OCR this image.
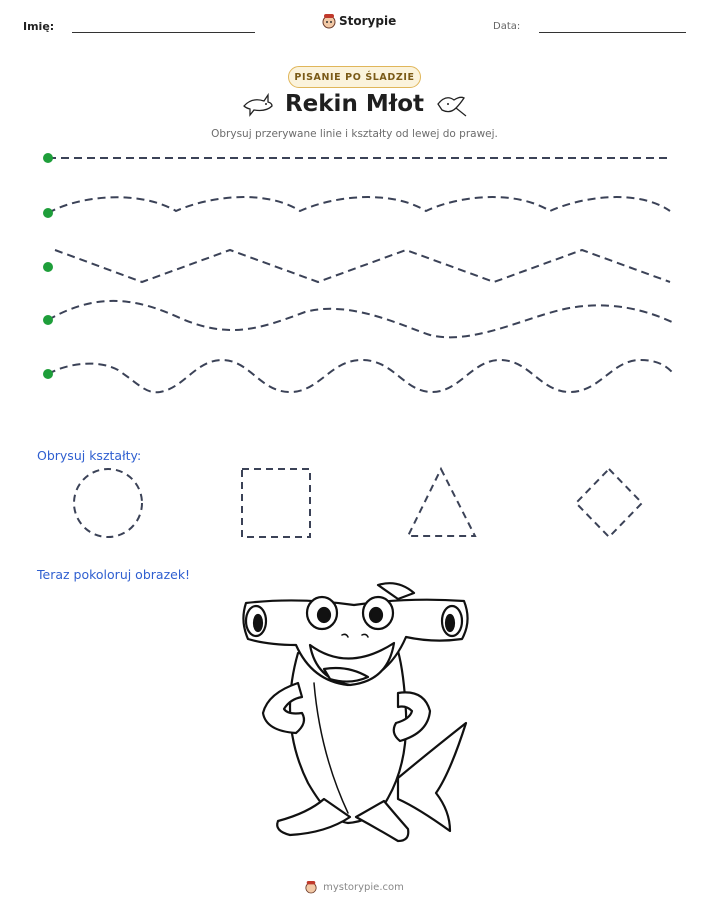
Imię:	Storypie	Data:
PISANIE PO ŚLADZIE
Rekin Młot
Obrysuj przerywane linie i kształty od lewej do prawej.
Obrysuj kształty:
Teraz pokoloruj obrazek!
mystorypie.com
